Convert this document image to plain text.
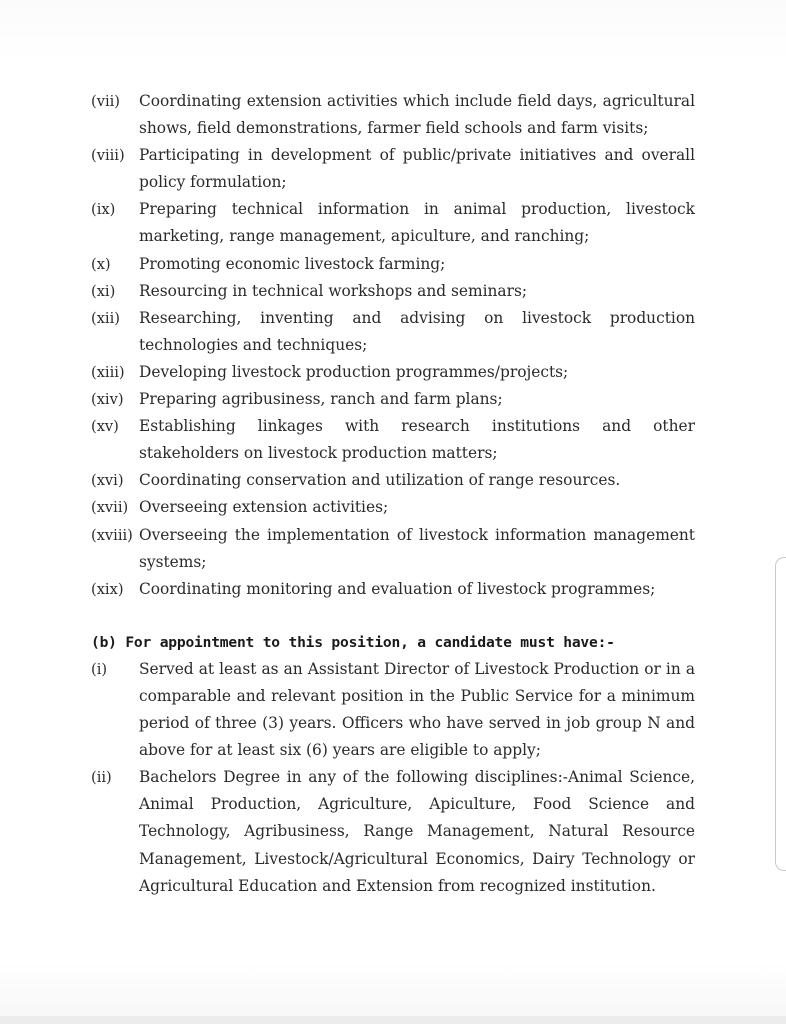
(vii)	Coordinating extension activities which include field days, agricultural shows, field demonstrations, farmer field schools and farm visits;
(viii) Participating in development of public/private initiatives and overall policy formulation;
(ix)	Preparing technical information in animal production, livestock marketing, range management, apiculture, and ranching;
(x)	Promoting economic livestock farming;
(xi)	Resourcing in technical workshops and seminars;
(xii)	Researching, inventing and advising on livestock production technologies and techniques;
(xiii) Developing livestock production programmes/projects;
(xiv)	Preparing agribusiness, ranch and farm plans;
(xv)	Establishing linkages with research institutions and other stakeholders on livestock production matters;
(xvi)	Coordinating conservation and utilization of range resources.
(xvii) Overseeing extension activities;
(xviii) Overseeing the implementation of livestock information management systems;
(xix)	Coordinating monitoring and evaluation of livestock programmes;
(b) For appointment to this position, a candidate must have:-
(i)	Served at least as an Assistant Director of Livestock Production or in a comparable and relevant position in the Public Service for a minimum period of three (3) years. Officers who have served in job group N and above for at least six (6) years are eligible to apply;
(ii)	Bachelors Degree in any of the following disciplines:-Animal Science, Animal Production, Agriculture, Apiculture, Food Science and Technology, Agribusiness, Range Management, Natural Resource Management, Livestock/Agricultural Economics, Dairy Technology or Agricultural Education and Extension from recognized institution.
